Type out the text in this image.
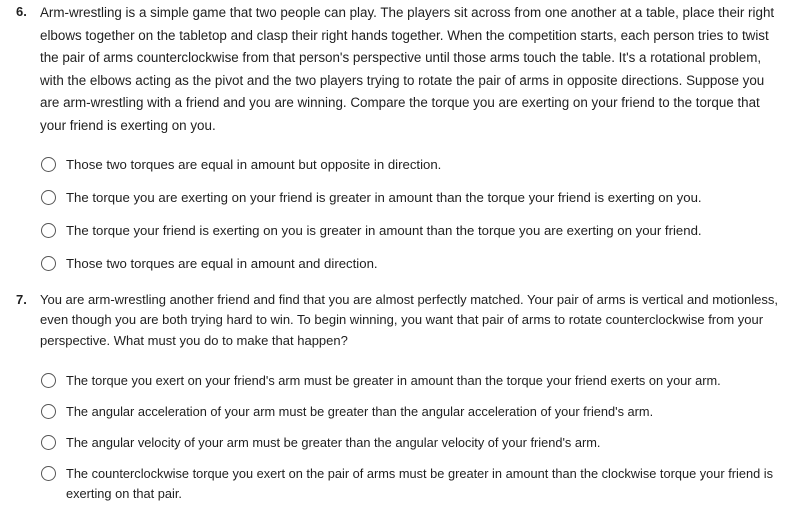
6. Arm-wrestling is a simple game that two people can play. The players sit across from one another at a table, place their right elbows together on the tabletop and clasp their right hands together. When the competition starts, each person tries to twist the pair of arms counterclockwise from that person's perspective until those arms touch the table. It's a rotational problem, with the elbows acting as the pivot and the two players trying to rotate the pair of arms in opposite directions. Suppose you are arm-wrestling with a friend and you are winning. Compare the torque you are exerting on your friend to the torque that your friend is exerting on you.
Those two torques are equal in amount but opposite in direction.
The torque you are exerting on your friend is greater in amount than the torque your friend is exerting on you.
The torque your friend is exerting on you is greater in amount than the torque you are exerting on your friend.
Those two torques are equal in amount and direction.
7.	You are arm-wrestling another friend and find that you are almost perfectly matched. Your pair of arms is vertical and motionless, even though you are both trying hard to win. To begin winning, you want that pair of arms to rotate counterclockwise from your perspective. What must you do to make that happen?
The torque you exert on your friend's arm must be greater in amount than the torque your friend exerts on your arm.
The angular acceleration of your arm must be greater than the angular acceleration of your friend's arm.
The angular velocity of your arm must be greater than the angular velocity of your friend's arm.
The counterclockwise torque you exert on the pair of arms must be greater in amount than the clockwise torque your friend is exerting on that pair.
